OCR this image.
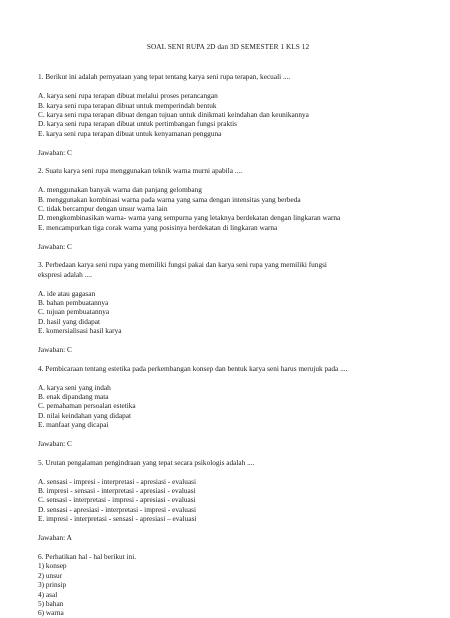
SOAL SENI RUPA 2D dan 3D SEMESTER 1 KLS 12
1. Berikut ini adalah pernyataan yang tepat tentang karya seni rupa terapan, kecuali ....
A. karya seni rupa terapan dibuat melalui proses perancangan
B. karya seni rupa terapan dibuat untuk memperindah bentuk
C. karya seni rupa terapan dibuat dengan tujuan untuk dinikmati keindahan dan keunikannya
D. karya seni rupa terapan dibuat untuk pertimbangan fungsi praktis
E. karya seni rupa terapan dibuat untuk kenyamanan pengguna
Jawaban: C
2. Suatu karya seni rupa menggunakan teknik warna murni apabila ....
A. menggunakan banyak warna dan panjang gelombang
B. menggunakan kombinasi warna pada warna yang sama dengan intensitas yang berbeda
C. tidak bercampur dengan unsur warna lain
D. mengkombinasikan warna- warna yang sempurna yang letaknya berdekatan dengan lingkaran warna
E. mencampurkan tiga corak warna yang posisinya berdekatan di lingkaran warna
Jawaban: C
3. Perbedaan karya seni rupa yang memiliki fungsi pakai dan karya seni rupa yang memiliki fungsi
ekspresi adalah ....
A. ide atau gagasan
B. bahan pembuatannya
C. tujuan pembuatannya
D. hasil yang didapat
E. komersialisasi hasil karya
Jawaban: C
4. Pembicaraan tentang estetika pada perkembangan konsep dan bentuk karya seni harus merujuk pada ....
A. karya seni yang indah
B. enak dipandang mata
C. pemahaman persoalan estetika
D. nilai keindahan yang didapat
E. manfaat yang dicapai
Jawaban: C
5. Urutan pengalaman pengindraan yang tepat secara psikologis adalah ....
A. sensasi - impresi - interpretasi - apresiasi - evaluasi
B. impresi - sensasi - interpretasi - apresiasi - evaluasi
C. sensasi - interpretasi - impresi - apresiasi - evaluasi
D. sensasi - apresiasi - interpretasi - impresi - evaluasi
E. impresi - interpretasi - sensasi - apresiasi – evaluasi
Jawaban: A
6. Perhatikan hal - hal berikut ini.
1) konsep
2) unsur
3) prinsip
4) asal
5) bahan
6) warna
